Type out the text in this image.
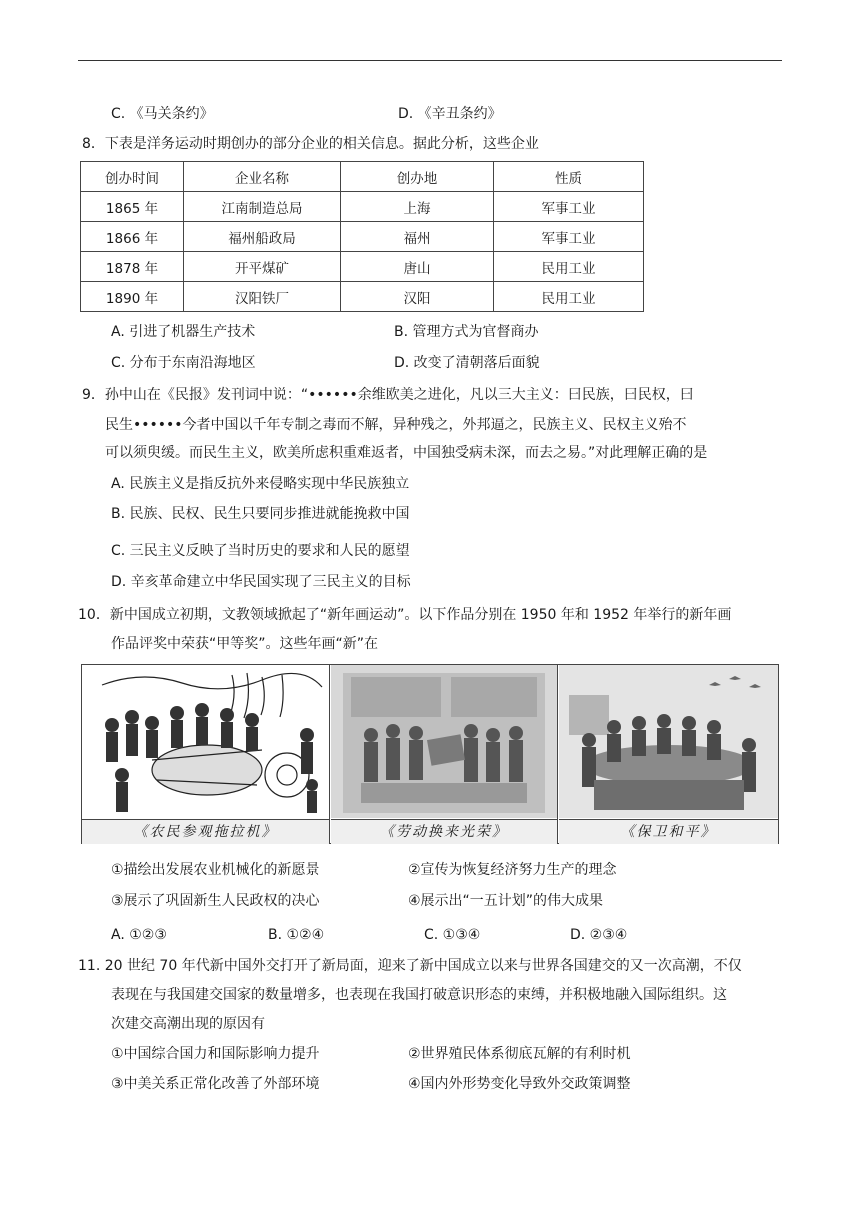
C. 《马关条约》	D. 《辛丑条约》
8．下表是洋务运动时期创办的部分企业的相关信息。据此分析，这些企业
创办时间	企业名称	创办地	性质
1865 年	江南制造总局	上海	军事工业
1866 年	福州船政局	福州	军事工业
1878 年	开平煤矿	唐山	民用工业
1890 年	汉阳铁厂	汉阳	民用工业
A. 引进了机器生产技术	B. 管理方式为官督商办
C. 分布于东南沿海地区	D. 改变了清朝落后面貌
9．孙中山在《民报》发刊词中说：“••••••余维欧美之进化，凡以三大主义：曰民族，曰民权，曰
民生••••••今者中国以千年专制之毒而不解，异种残之，外邦逼之，民族主义、民权主义殆不
可以须臾缓。而民生主义，欧美所虑积重难返者，中国独受病未深，而去之易。”对此理解正确的是
A. 民族主义是指反抗外来侵略实现中华民族独立
B. 民族、民权、民生只要同步推进就能挽救中国
C. 三民主义反映了当时历史的要求和人民的愿望
D. 辛亥革命建立中华民国实现了三民主义的目标
10．新中国成立初期，文教领域掀起了“新年画运动”。以下作品分别在 1950 年和 1952 年举行的新年画
作品评奖中荣获“甲等奖”。这些年画“新”在
《农民参观拖拉机》	《劳动换来光荣》	《保卫和平》
①描绘出发展农业机械化的新愿景	②宣传为恢复经济努力生产的理念
③展示了巩固新生人民政权的决心	④展示出“一五计划”的伟大成果
A. ①②③	B. ①②④	C. ①③④	D. ②③④
11. 20 世纪 70 年代新中国外交打开了新局面，迎来了新中国成立以来与世界各国建交的又一次高潮，不仅
表现在与我国建交国家的数量增多，也表现在我国打破意识形态的束缚，并积极地融入国际组织。这
次建交高潮出现的原因有
①中国综合国力和国际影响力提升	②世界殖民体系彻底瓦解的有利时机
③中美关系正常化改善了外部环境	④国内外形势变化导致外交政策调整
